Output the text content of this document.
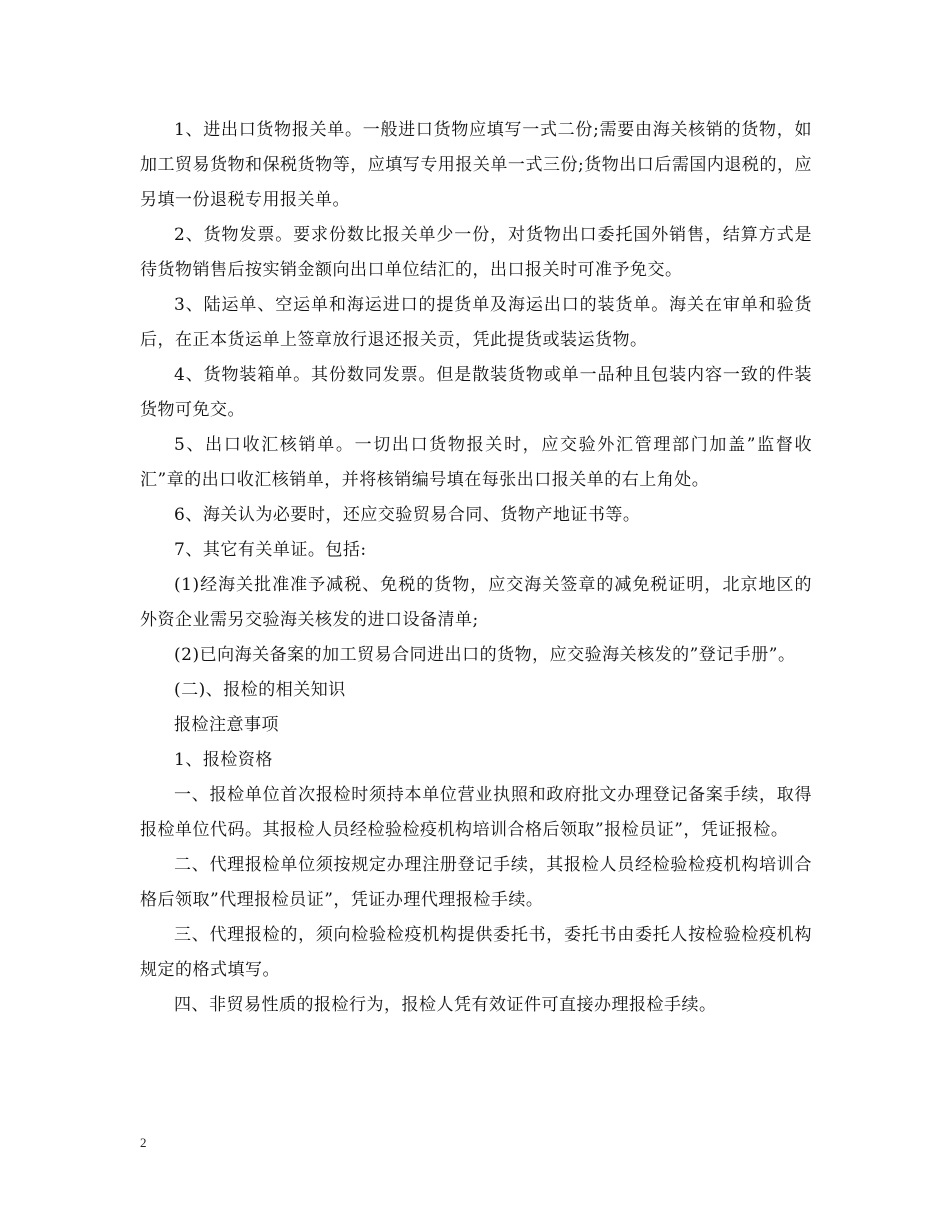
1、进出口货物报关单。一般进口货物应填写一式二份;需要由海关核销的货物，如加工贸易货物和保税货物等，应填写专用报关单一式三份;货物出口后需国内退税的，应另填一份退税专用报关单。

2、货物发票。要求份数比报关单少一份，对货物出口委托国外销售，结算方式是待货物销售后按实销金额向出口单位结汇的，出口报关时可准予免交。

3、陆运单、空运单和海运进口的提货单及海运出口的装货单。海关在审单和验货后，在正本货运单上签章放行退还报关贡，凭此提货或装运货物。

4、货物装箱单。其份数同发票。但是散装货物或单一品种且包装内容一致的件装货物可免交。

5、出口收汇核销单。一切出口货物报关时，应交验外汇管理部门加盖”监督收汇”章的出口收汇核销单，并将核销编号填在每张出口报关单的右上角处。

6、海关认为必要时，还应交验贸易合同、货物产地证书等。

7、其它有关单证。包括:

(1)经海关批准准予减税、免税的货物，应交海关签章的减免税证明，北京地区的外资企业需另交验海关核发的进口设备清单;

(2)已向海关备案的加工贸易合同进出口的货物，应交验海关核发的”登记手册”。

(二)、报检的相关知识

报检注意事项

1、报检资格

一、报检单位首次报检时须持本单位营业执照和政府批文办理登记备案手续，取得报检单位代码。其报检人员经检验检疫机构培训合格后领取”报检员证”，凭证报检。

二、代理报检单位须按规定办理注册登记手续，其报检人员经检验检疫机构培训合格后领取”代理报检员证”，凭证办理代理报检手续。

三、代理报检的，须向检验检疫机构提供委托书，委托书由委托人按检验检疫机构规定的格式填写。

四、非贸易性质的报检行为，报检人凭有效证件可直接办理报检手续。

2
